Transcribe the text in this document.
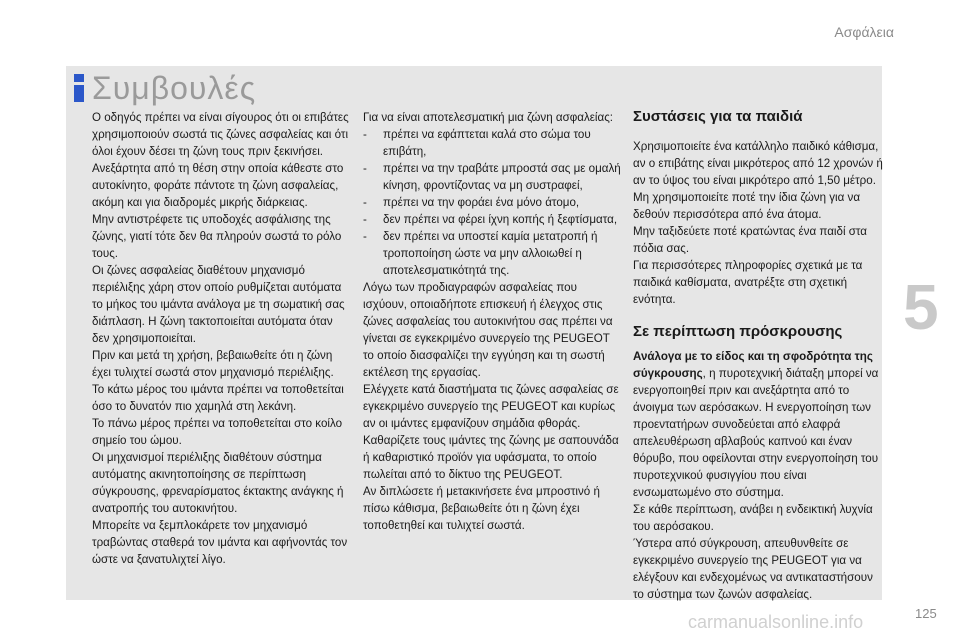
Ασφάλεια
Συμβουλές

Ο οδηγός πρέπει να είναι σίγουρος ότι οι επιβάτες χρησιμοποιούν σωστά τις ζώνες ασφαλείας και ότι όλοι έχουν δέσει τη ζώνη τους πριν ξεκινήσει.

Ανεξάρτητα από τη θέση στην οποία κάθεστε στο αυτοκίνητο, φοράτε πάντοτε τη ζώνη ασφαλείας, ακόμη και για διαδρομές μικρής διάρκειας.

Μην αντιστρέφετε τις υποδοχές ασφάλισης της ζώνης, γιατί τότε δεν θα πληρούν σωστά το ρόλο τους.

Οι ζώνες ασφαλείας διαθέτουν μηχανισμό περιέλιξης χάρη στον οποίο ρυθμίζεται αυτόματα το μήκος του ιμάντα ανάλογα με τη σωματική σας διάπλαση. Η ζώνη τακτοποιείται αυτόματα όταν δεν χρησιμοποιείται.

Πριν και μετά τη χρήση, βεβαιωθείτε ότι η ζώνη έχει τυλιχτεί σωστά στον μηχανισμό περιέλιξης.

Το κάτω μέρος του ιμάντα πρέπει να τοποθετείται όσο το δυνατόν πιο χαμηλά στη λεκάνη.

Το πάνω μέρος πρέπει να τοποθετείται στο κοίλο σημείο του ώμου.

Οι μηχανισμοί περιέλιξης διαθέτουν σύστημα αυτόματης ακινητοποίησης σε περίπτωση σύγκρουσης, φρεναρίσματος έκτακτης ανάγκης ή ανατροπής του αυτοκινήτου.

Μπορείτε να ξεμπλοκάρετε τον μηχανισμό τραβώντας σταθερά τον ιμάντα και αφήνοντάς τον ώστε να ξανατυλιχτεί λίγο.

Για να είναι αποτελεσματική μια ζώνη ασφαλείας:

- πρέπει να εφάπτεται καλά στο σώμα του επιβάτη,
- πρέπει να την τραβάτε μπροστά σας με ομαλή κίνηση, φροντίζοντας να μη συστραφεί,
- πρέπει να την φοράει ένα μόνο άτομο,
- δεν πρέπει να φέρει ίχνη κοπής ή ξεφτίσματα,
- δεν πρέπει να υποστεί καμία μετατροπή ή τροποποίηση ώστε να μην αλλοιωθεί η αποτελεσματικότητά της.

Λόγω των προδιαγραφών ασφαλείας που ισχύουν, οποιαδήποτε επισκευή ή έλεγχος στις ζώνες ασφαλείας του αυτοκινήτου σας πρέπει να γίνεται σε εγκεκριμένο συνεργείο της PEUGEOT το οποίο διασφαλίζει την εγγύηση και τη σωστή εκτέλεση της εργασίας.

Ελέγχετε κατά διαστήματα τις ζώνες ασφαλείας σε εγκεκριμένο συνεργείο της PEUGEOT και κυρίως αν οι ιμάντες εμφανίζουν σημάδια φθοράς.

Καθαρίζετε τους ιμάντες της ζώνης με σαπουνάδα ή καθαριστικό προϊόν για υφάσματα, το οποίο πωλείται από το δίκτυο της PEUGEOT.

Αν διπλώσετε ή μετακινήσετε ένα μπροστινό ή πίσω κάθισμα, βεβαιωθείτε ότι η ζώνη έχει τοποθετηθεί και τυλιχτεί σωστά.

Συστάσεις για τα παιδιά

Χρησιμοποιείτε ένα κατάλληλο παιδικό κάθισμα, αν ο επιβάτης είναι μικρότερος από 12 χρονών ή αν το ύψος του είναι μικρότερο από 1,50 μέτρο.

Μη χρησιμοποιείτε ποτέ την ίδια ζώνη για να δεθούν περισσότερα από ένα άτομα.

Μην ταξιδεύετε ποτέ κρατώντας ένα παιδί στα πόδια σας.

Για περισσότερες πληροφορίες σχετικά με τα παιδικά καθίσματα, ανατρέξτε στη σχετική ενότητα.

Σε περίπτωση πρόσκρουσης

Ανάλογα με το είδος και τη σφοδρότητα της σύγκρουσης, η πυροτεχνική διάταξη μπορεί να ενεργοποιηθεί πριν και ανεξάρτητα από το άνοιγμα των αερόσακων. Η ενεργοποίηση των προεντατήρων συνοδεύεται από ελαφρά απελευθέρωση αβλαβούς καπνού και έναν θόρυβο, που οφείλονται στην ενεργοποίηση του πυροτεχνικού φυσιγγίου που είναι ενσωματωμένο στο σύστημα.

Σε κάθε περίπτωση, ανάβει η ενδεικτική λυχνία του αερόσακου.

Ύστερα από σύγκρουση, απευθυνθείτε σε εγκεκριμένο συνεργείο της PEUGEOT για να ελέγξουν και ενδεχομένως να αντικαταστήσουν το σύστημα των ζωνών ασφαλείας.

5
125
carmanualsonline.info
